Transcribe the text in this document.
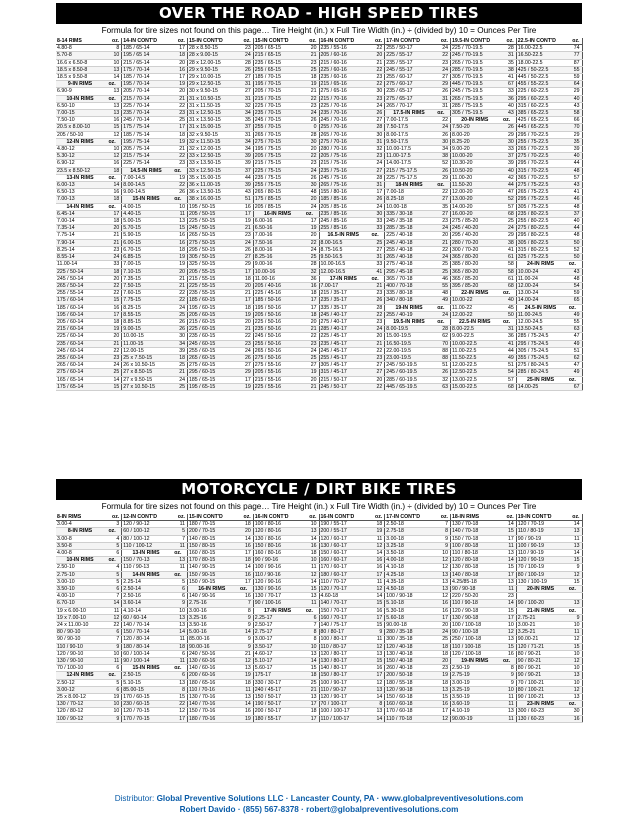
OVER THE ROAD - HIGH SPEED TIRES
Formula for tire sizes not found on this page… Tire Height (in.) x Full Tire Width (in.) ÷ (divided by) 10 = Ounces Per Tire
8-14 RIMS	oz.	14-IN CONT'D	oz.	15-IN CONT'D	oz.	15-IN CONT'D	oz.	16-IN CONT'D	oz.	17-IN CONT'D	oz.	19.5-IN CONT'D	oz.	22.5-IN CONT'D	oz.
4.80-8	8	185 / 65-14	17	28 x 8.50-15	23	205 / 65-15	20	235 / 55-16	22	255 / 50-17	24	225 / 70-19.5	28	16.00-22.5	74
5.70-8	10	195 / 65 14	18	28 x 9.00-15	24	215 / 65-15	21	205 / 60-16	20	225 / 55-17	22	245 / 70-19.5	31	16.50-22.5	77
16.6 x 6.50-8	10	215 / 65-14	20	28 x 12.00-15	28	235 / 65-15	23	215 / 60-16	21	235 / 55-17	23	265 / 70-19.5	35	18.00-22.5	87
18.5 x 8.50-8	13	175 / 70-14	16	29 x 9.50-15	26	255 / 65-15	25	225 / 60-16	22	245 / 55-17	24	285 / 70-19.5	38	425 / 50-22.5	55
18.5 x 9.50-8	14	185 / 70-14	17	29 x 10.00-15	27	185 / 70-15	18	235 / 60-16	23	255 / 60-17	27	305 / 70-19.5	41	445 / 50-22.5	59
9-IN RIMS	oz.	195 / 70-14	19	29 x 12.50-15	31	195 / 70-15	19	215 / 65-16	22	275 / 60-17	29	445 / 70-19.5	67	455 / 55-22.5	64
6.90-9	13	205 / 70-14	20	30 x 9.50-15	27	205 / 70-15	21	275 / 65-16	30	235 / 65-17	26	245 / 75-19.5	33	225 / 60-22.5	29
10-IN RIMS	oz.	215 / 70-14	21	31 x 10.50-15	31	215 / 70-15	22	215 / 70-16	23	275 / 65-17	31	265 / 75-19.5	36	295 / 60-22.5	40
6.50-10	13	225 / 70-14	22	31 x 11.50-15	32	225 / 70-15	23	225 / 70-16	24	265 / 70-17	31	285 / 75-19.5	40	315 / 60-22.5	43
7.00-15	13	235 / 70-14	23	31 x 12.50-15	34	235 / 70-15	24	235 / 70-16	26	17.5-IN RIMS	oz.	305 / 75-19.5	43	385 / 65-22.5	58
7.50-10	16	245 / 70-14	25	31 x 13.50-15	35	245 / 70-15	26	245 / 70-16	27	7.00-17.5	22	20-IN RIMS	oz.	425 / 65-22.5	66
20.5 x 8.00-10	15	175 / 75-14	17	31 x 15.00-15	37	255 / 70-15	0	255 / 70-16	28	7.50-17.5	24	7.50-20	26	445 / 65-22.5	70
205 / 50-10	12	185 / 75-14	18	32 x 9.50-15	31	265 / 70-15	28	265 / 70-16	30	8.00-17.5	26	8.00-20	29	295 / 70-22.5	29
12-IN RIMS	oz.	195 / 75-14	19	32 x 11.50-15	34	275 / 70-15	30	275 / 70-16	31	9.50-17.5	30	8.25-20	30	255 / 75-22.5	35
4.80-12	10	205 / 75-14	21	32 x 12.00-15	34	195 / 75-15	20	280 / 70-16	32	10.00-17.5	34	9.00-20	33	265 / 70-22.5	39
5.30-12	12	215 / 75-14	22	33 x 12.50-15	39	205 / 75-15	22	205 / 75-16	23	11.00-17.5	38	10.00-20	37	275 / 70-22.5	40
6.90-12	16	225 / 75-14	23	33 x 13.50-15	39	215 / 75-15	23	215 / 75-16	24	14.00-17.5	52	10.30-20	39	295 / 70-22.5	44
23.5 x 8.50-12	18	14.5-IN RIMS	oz.	33 x 12.50-15	37	225 / 75-15	24	235 / 75-16	27	215 / 75-17.5	26	10.50-20	40	315 / 70-22.5	48
13-IN RIMS	oz.	7.00-14.5	19	35 x 15.00-15	44	235 / 75-15	26	245 / 75-16	28	225 / 75-17.5	29	11.00-20	42	365 / 70-22.5	57
6.00-13	14	8.00-14.5	22	36 x 11.00-15	39	255 / 75-15	30	265 / 75-16	31	18-IN RIMS	oz.	11.50-20	44	275 / 75-22.5	43
6.50-13	16	9.00-14.5	26	36 x 13.50-15	43	265 / 80-15	48	155 / 80-16	17	7.00-18	22	12.00-20	47	265 / 75-22.5	41
7.00-13	18	15-IN RIMS	oz.	38 x 16.00-15	51	175 / 85-15	20	185 / 85-16	26	8.25-18	27	13.00-20	52	295 / 75-22.5	46
14-IN RIMS	oz.	4.00-15	10	195 / 50-15	16	205 / 85-15	24	205 / 85-16	24	10.00-18	35	14.00-20	57	305 / 75-22.5	48
6.45-14	17	4.40-15	11	205 / 50-15	17	16-IN RIMS	oz.	235 / 85-16	30	335 / 30-18	27	16.00-20	68	235 / 80-22.5	37
7.00-14	18	5.00-15	13	225 / 50-15	19	6.00-16	17	245 / 85-16	33	245 / 35-18	23	275 / 85-20	25	255 / 80-22.5	40
7.35-14	20	5.70-15	15	245 / 50-15	21	6.50-16	19	255 / 85-16	33	285 / 35-18	24	245 / 40-20	24	275 / 80-22.5	44
7.75-14	21	5.90-15	16	265 / 50-15	23	7.00-16	20	16.5-IN RIMS	oz.	225 / 40-18	20	295 / 40-20	29	295 / 80-22.5	48
7.90-14	21	6.00-15	16	275 / 50-15	24	7.50-16	22	8.00-16.5	25	245 / 40-18	21	280 / 70-20	38	305 / 80-22.5	50
8.25-14	23	6.70-15	18	295 / 50-15	26	8.00-16	24	8.75-16.5	27	255 / 40-18	22	300 / 70-20	41	315 / 80-22.5	52
8.55-14	24	6.85-15	19	305 / 50-15	27	8.25-16	25	9.50-16.5	31	265 / 40-18	24	365 / 80-20	61	325 / 75-22.5	50
11.00-14	33	7.00-15	19	325 / 50-15	29	9.00-16	28	10.00-16.5	33	275 / 40-18	25	385 / 80-20	58	24-IN RIMS	oz.
225 / 50-14	18	7.10-15	20	205 / 55-15	17	10.00-16	32	12.00-16.5	41	295 / 45-18	25	365 / 80-20	58	10.00-24	43
245 / 50-14	20	7.35-15	21	215 / 55-15	18	11.00-16	36	17-IN RIMS	oz.	365 / 70-18	46	365 / 85-20	61	11.00-24	48
265 / 50-14	22	7.50-15	21	225 / 55-15	20	205 / 40-16	16	7.00-17	21	400 / 70-18	55	395 / 85-20	68	12.00-24	54
255 / 55-14	22	7.60-15	22	235 / 55-15	21	225 / 45-16	18	215 / 35-17	23	335 / 80-18	48	22-IN RIMS	oz.	13.00-24	59
175 / 60-14	15	7.75-15	22	185 / 60-15	17	185 / 50-16	17	235 / 35-17	26	340 / 80-18	49	10.00-22	40	14.00-24	65
185 / 60-14	16	8.25-15	24	195 / 60-15	18	195 / 50-16	17	335 / 35-17	28	19-IN RIMS	oz.	11.00-22	45	24.5-IN RIMS	oz.
195 / 60-14	17	8.55-15	25	205 / 60-15	19	205 / 50-16	18	245 / 40-17	22	255 / 40-19	24	12.00-22	50	11.00-24.5	49
205 / 60-14	18	8.85-15	26	215 / 60-15	20	225 / 50-16	20	275 / 40-17	23	19.5-IN RIMS	oz.	22.5-IN RIMS	oz.	12.00-24.5	55
215 / 60-14	19	9.00-15	26	225 / 60-15	21	235 / 50-16	21	285 / 40-17	24	8.00-19.5	28	8.00-22.5	31	13.50-24.5	63
225 / 60-14	20	10.00-15	30	235 / 60-15	22	245 / 50-16	22	225 / 45-17	20	15.00-19.5	62	9.00-22.5	36	285 / 75-24.5	47
235 / 60-14	21	11.00-15	34	245 / 60-15	23	255 / 50-16	23	235 / 45-17	21	16.50-19.5	70	10.00-22.5	41	295 / 75-24.5	49
245 / 60-14	22	12.00-15	39	255 / 60-15	24	265 / 50-16	24	245 / 45-17	22	22.00-19.5	88	11.00-22.5	44	305 / 75-24.5	51
255 / 60-14	23	25 x 7.50-15	18	265 / 60-15	26	275 / 50-16	25	255 / 45-17	23	23.00-19.5	88	11.50-22.5	49	355 / 75-24.5	62
265 / 60-14	24	26 x 10.50-15	25	275 / 60-15	27	275 / 55-16	27	305 / 45-17	27	245 / 50-19.5	51	12.00-22.5	51	275 / 80-24.5	47
275 / 60-14	25	27 x 8.50-15	21	295 / 60-15	29	205 / 55-16	19	315 / 45-17	27	245 / 60-19.5	26	12.50-22.5	54	285 / 80-24.5	49
165 / 65-14	14	27 x 9.50-15	24	185 / 65-15	17	215 / 55-16	20	215 / 50-17	20	285 / 60-19.5	32	13.00-22.5	57	25-IN RIMS	oz.
175 / 65-14	15	27 x 10.50-15	25	195 / 65-15	19	225 / 55-16	21	245 / 50-17	22	445 / 65-19.5	63	15.00-22.5	68	14.00-25	67
MOTORCYCLE / DIRT BIKE TIRES
Formula for tire sizes not found on this page… Tire Height (in.) x Full Tire Width (in.) ÷ (divided by) 10 = Ounces Per Tire
8-IN RIMS	oz.	12-IN CONT'D	oz.	15-IN CONT'D	oz.	16-IN CONT'D	oz.	16-IN CONT'D	oz.	17-IN CONT'D	oz.	18-IN RIMS	oz.	19-IN CONT'D	oz.
3.00-4	3	120 / 90-12	11	180 / 70-15	18	100 / 80-16	10	190 / 55-17	18	2.50-18	7	130 / 70-18	14	120 / 70-19	14
8-IN RIMS	oz.	60 / 100-12	5	200 / 70-15	20	120 / 80-16	13	200 / 55-17	19	2.75-18	8	140 / 70-18	15	110 / 80-19	13
3.00-8	4	80 / 100-12	7	140 / 80-15	14	130 / 80-16	14	120 / 60-17	11	3.00-18	9	150 / 70-18	17	90 / 90-19	11
3.50-8	5	110 / 100-12	11	150 / 80-15	16	150 / 80-16	16	130 / 60-17	12	3.25-18	9	100 / 80-18	11	100 / 90-19	13
4.00-8	6	13-IN RIMS	oz.	160 / 80-15	17	160 / 80-16	18	150 / 60-17	14	3.50-18	10	110 / 80-18	13	110 / 90-19	14
10-IN RIMS	oz.	150 / 70-13	13	170 / 80-15	18	90 / 90-16	10	160 / 60-17	16	4.00-18	12	120 / 80-18	14	120 / 90-19	15
2.50-10	4	110 / 90-13	11	140 / 90-15	14	100 / 90-16	11	170 / 60-17	16	4.10-18	12	130 / 80-18	15	70 / 100-19	9
2.75-10	5	14-IN RIMS	oz.	150 / 90-15	16	110 / 90-16	12	180 / 60-17	17	4.25-18	13	140 / 80-18	17	80 / 100-19	12
3.00-10	5	2.25-14	5	150 / 90-15	17	120 / 90-16	14	110 / 70-17	11	4.35-18	13	4.25/85-18	13	130 / 100-19	15
3.50-10	6	2.50-14	6	16-IN RIMS	oz.	130 / 90-16	15	120 / 70-17	12	4.50-18	13	90 / 90-18	11	20-IN RIMS	oz.
4.00-10	7	2.50-16	6	140 / 90-16	16	130 / 70-17	13	4.60-18	14	100 / 90-18	12	220 / 50-20	23		
6.70-10	14	3.60-14	9	2.75-16	7	90 / 100-16	11	140 / 70-17	15	5.10-18	16	110 / 90-18	14	90 / 100-20	13
19 x 6.00-10	11	4.10-14	10	3.00-16	8	17-IN RIMS	oz.	150 / 70-17	16	5.30-18	16	120 / 90-18	15	21-IN RIMS	oz.
19 x 7.00-10	12	60 / 60-14	13	3.25-16	9	2.25-17	6	160 / 70-17	17	5.60-18	17	130 / 90-18	17	2.75-21	9
24 x 11.00-10	22	140 / 70-14	13	3.50-16	9	2.50-17	7	140 / 75-17	15	90.00-18	20	100 / 100-18	10	3.00-21	10
80 / 90-10	6	150 / 70-14	14	5.00-16	14	2.75-17	8	80 / 80-17	9	280 / 35-18	24	90 / 100-18	12	3.25-21	11
90 / 90-10	7	120 / 80-14	11	85.00-16	9	3.00-17	8	100 / 80-17	11	300 / 35-18	25	250 / 100-18	13	90.00-21	12
110 / 90-10	9	180 / 80-14	18	90.00-16	9	3.50-17	10	110 / 80-17	12	120 / 40-18	18	110 / 100-18	15	120 / 71-21	15
120 / 90-10	10	60 / 100-14	6	240 / 50-16	21	4.60-17	13	120 / 80-17	13	130 / 40-18	18	120 / 100-18	16	80 / 90-21	10
130 / 90-10	11	90 / 100-14	11	130 / 60-16	12	5.10-17	14	130 / 80-17	15	150 / 40-18	20	19-IN RIMS	oz.	90 / 80-21	12
70 / 100-10	6	15-IN RIMS	oz.	140 / 60-16	13	5.60-17	15	140 / 80-17	16	260 / 40-18	23	2.50-19	8	80 / 90-21	10
12-IN RIMS	oz.	2.50-15	6	200 / 60-16	19	175-17	18	150 / 80-17	17	200 / 50-18	19	2.75-19	9	90 / 90-21	13
2.50-12	5	5.10-15	13	180 / 65-16	18	330 / 30-17	25	100 / 90-17	12	180 / 55-18	18	3.00-19	9	70 / 100-21	10
3.00-12	6	85.00-15	8	110 / 70-16	11	240 / 45-17	21	110 / 90-17	13	120 / 90-18	13	3.25-19	10	80 / 100-21	12
25 x 8.00-12	19	170 / 60-15	15	130 / 70-16	13	150 / 50-17	13	120 / 90-17	14	150 / 60-18	15	3.50-19	11	90 / 100-21	13
130 / 70-12	10	230 / 60-15	22	140 / 70-16	14	190 / 50-17	17	70 / 100-17	8	160 / 60-18	16	3.60-19	11	23-IN RIMS	oz.
120 / 80-12	10	120 / 70-15	12	150 / 70-16	16	200 / 50-17	18	100 / 100-17	13	170 / 60-18	17	4.10-19	13	300 / 60-23	30
100 / 90-12	9	170 / 70-15	17	180 / 70-16	19	180 / 55-17	17	110 / 100-17	14	110 / 70-18	12	90.00-19	11	130 / 60-23	16
Distributor: Global Preventive Solutions LLC · Lancaster County, PA · www.globalpreventivesolutions.com
Robert Davido · (855) 567-8378 · robert@globalpreventivesolutions.com
